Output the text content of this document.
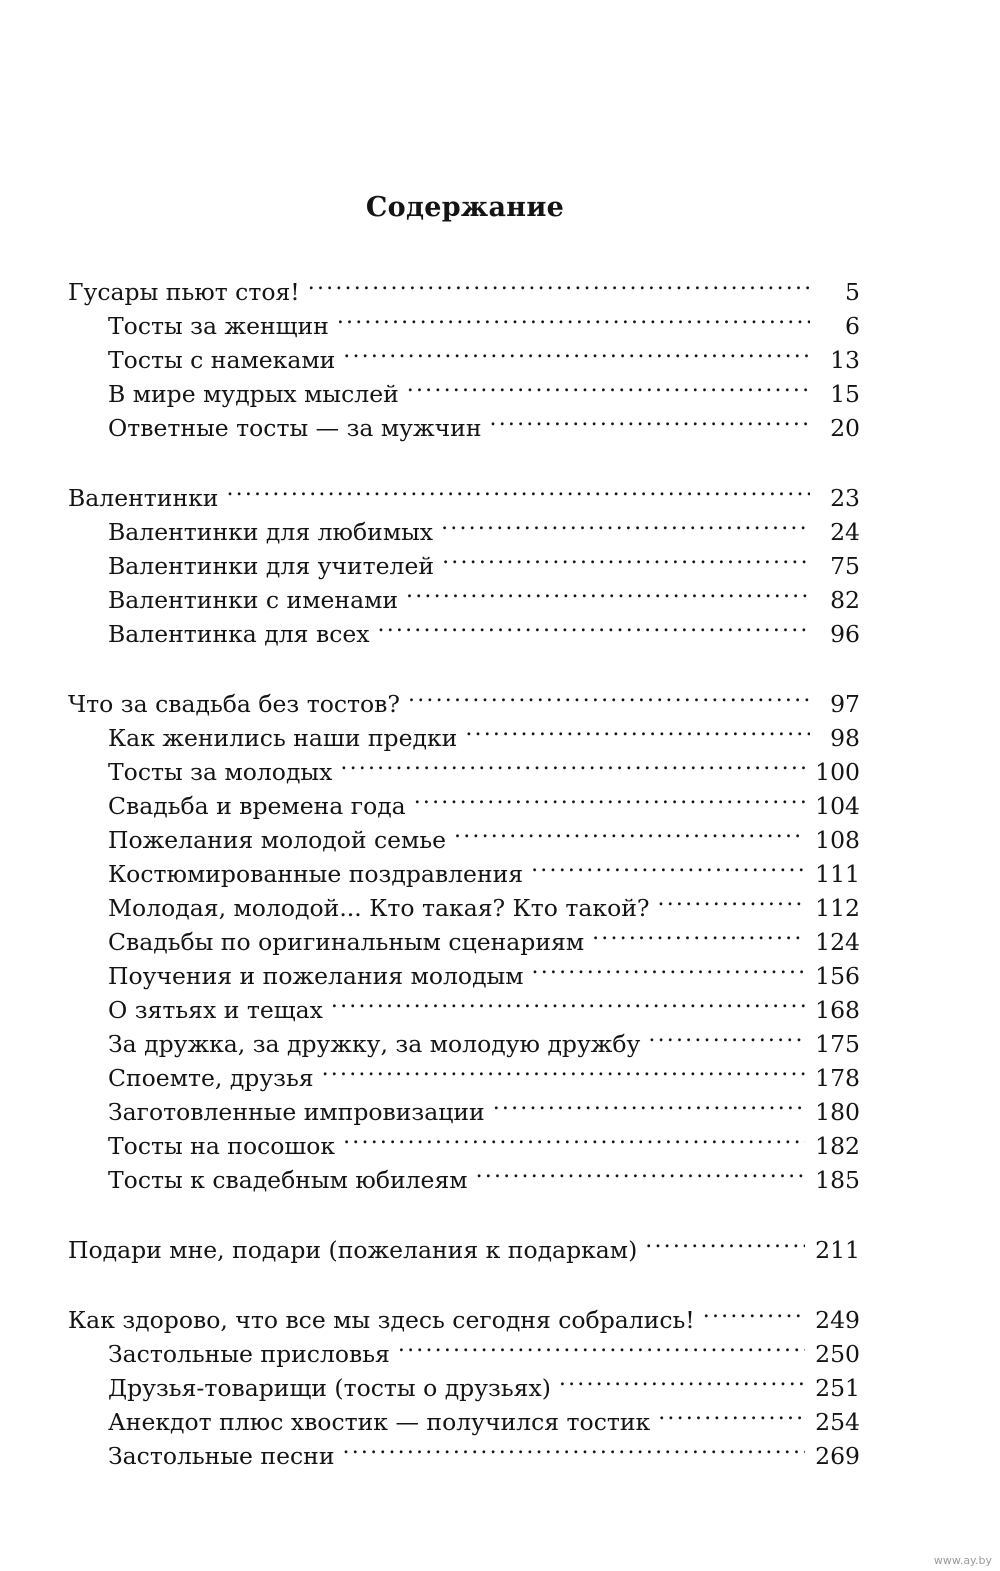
Содержание
Гусары пьют стоя! .....	5
Тосты за женщин .....	6
Тосты с намеками .....	13
В мире мудрых мыслей .....	15
Ответные тосты — за мужчин .....	20
Валентинки .....	23
Валентинки для любимых .....	24
Валентинки для учителей .....	75
Валентинки с именами .....	82
Валентинка для всех .....	96
Что за свадьба без тостов? .....	97
Как женились наши предки .....	98
Тосты за молодых .....	100
Свадьба и времена года .....	104
Пожелания молодой семье .....	108
Костюмированные поздравления .....	111
Молодая, молодой... Кто такая? Кто такой? .....	112
Свадьбы по оригинальным сценариям .....	124
Поучения и пожелания молодым .....	156
О зятьях и тещах .....	168
За дружка, за дружку, за молодую дружбу .....	175
Споемте, друзья .....	178
Заготовленные импровизации .....	180
Тосты на посошок .....	182
Тосты к свадебным юбилеям .....	185
Подари мне, подари (пожелания к подаркам) .....	211
Как здорово, что все мы здесь сегодня собрались! .....	249
Застольные присловья .....	250
Друзья-товарищи (тосты о друзьях) .....	251
Анекдот плюс хвостик — получился тостик .....	254
Застольные песни .....	269
www.ay.by
